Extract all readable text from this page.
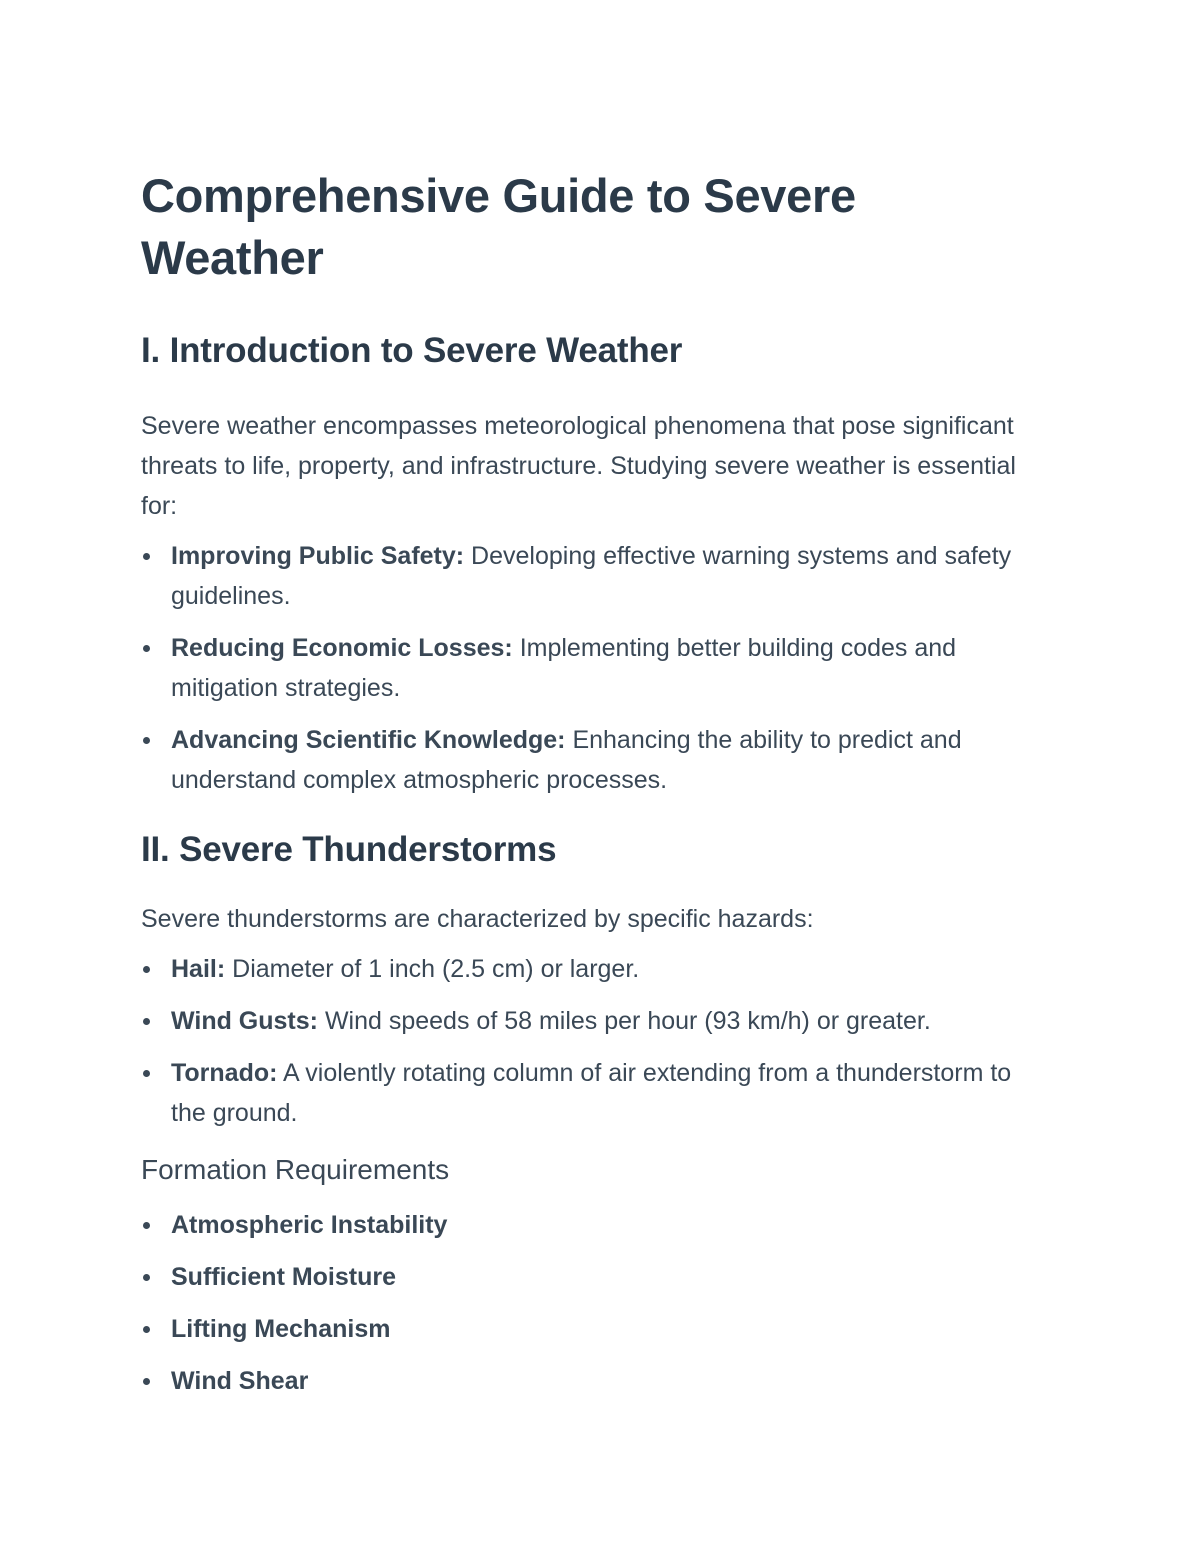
Comprehensive Guide to Severe Weather
I. Introduction to Severe Weather

Severe weather encompasses meteorological phenomena that pose significant threats to life, property, and infrastructure. Studying severe weather is essential for:

Improving Public Safety: Developing effective warning systems and safety guidelines.
Reducing Economic Losses: Implementing better building codes and mitigation strategies.
Advancing Scientific Knowledge: Enhancing the ability to predict and understand complex atmospheric processes.
II. Severe Thunderstorms

Severe thunderstorms are characterized by specific hazards:

Hail: Diameter of 1 inch (2.5 cm) or larger.
Wind Gusts: Wind speeds of 58 miles per hour (93 km/h) or greater.
Tornado: A violently rotating column of air extending from a thunderstorm to the ground.
Formation Requirements
Atmospheric Instability
Sufficient Moisture
Lifting Mechanism
Wind Shear
